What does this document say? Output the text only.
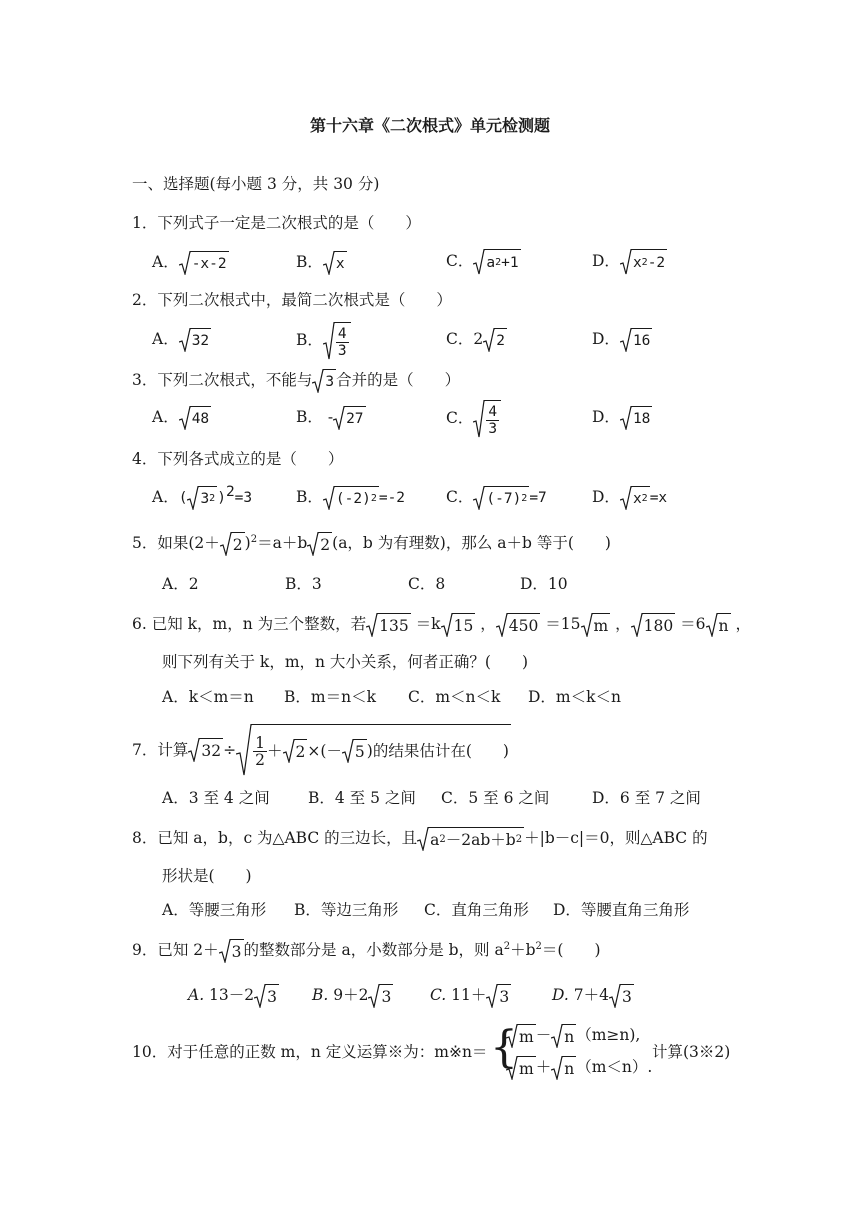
第十六章《二次根式》单元检测题
一、选择题(每小题 3 分，共 30 分)
1．下列式子一定是二次根式的是（　　）
A． -x-2	B． x	C． a 2 +1	D． x 2 -2
2．下列二次根式中，最简二次根式是（　　）
A． 32	B． $\frac{4}{3}$	C．2 2	D． 16
3．下列二次根式，不能与 3 合并的是（　　）
A． 48	B． - 27	C． $\frac{4}{3}$	D． 18
4．下列各式成立的是（　　）
A．( 3 2 )$^2$=3	B． (-2) 2 =-2	C． (-7) 2 =7	D． x 2 =x
5．如果(2＋ 2 )$^2$＝a＋b 2 (a，b 为有理数)，那么 a＋b 等于(　　)
A．2	B．3	C．8	D．10
6. 已知 k，m，n 为三个整数，若 135 ＝k 15 ， 450 ＝15 m ， 180 ＝6 n ，
则下列有关于 k，m，n 大小关系，何者正确？(　　)
A．k＜m＝n B．m＝n＜k C．m＜n＜k D．m＜k＜n
7．计算 $32 \div \frac{1}{2} + 2$ ×(－ 5 )的结果估计在(　　)
A．3 至 4 之间 B．4 至 5 之间 C．5 至 6 之间	D．6 至 7 之间
8．已知 a，b，c 为△ABC 的三边长，且 a 2 －2ab＋b 2 ＋|b－c|＝0，则△ABC 的
形状是(　　)
A．等腰三角形 B．等边三角形 C．直角三角形 D．等腰直角三角形
9．已知 2＋ 3 的整数部分是 a，小数部分是 b，则 $a^2+b^2=$(　　)
A. 13－2 3 B. 9＋2 3 C. 11＋ 3	D. 7＋4 3
10．对于任意的正数 m，n 定义运算※为：m※n＝ { m － n （m≥n),
m ＋ n （m＜n）.
计算(3※2)
